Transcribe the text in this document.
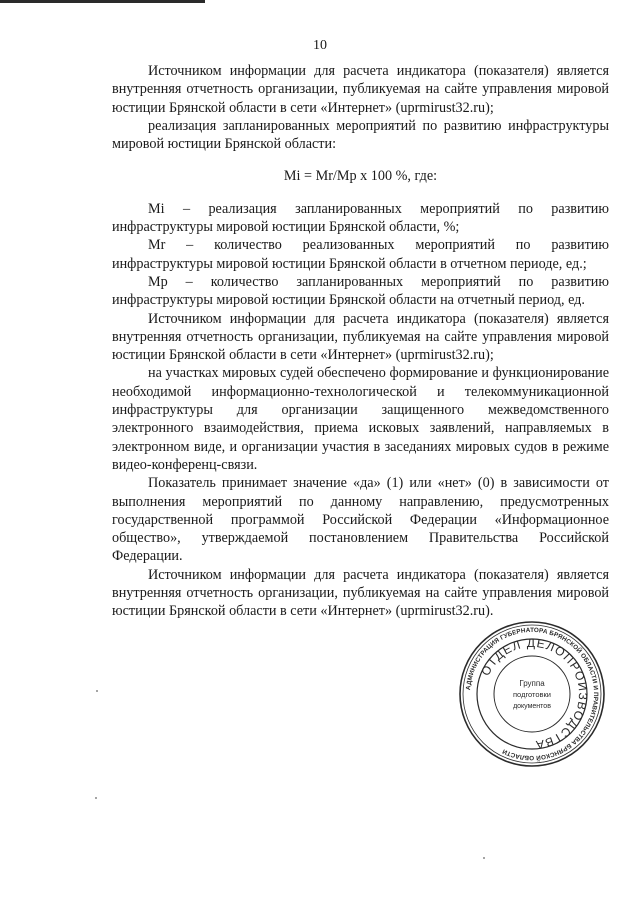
10

Источником информации для расчета индикатора (показателя) является внутренняя отчетность организации, публикуемая на сайте управления мировой юстиции Брянской области в сети «Интернет» (uprmirust32.ru);

реализация запланированных мероприятий по развитию инфраструктуры мировой юстиции Брянской области:

Mi = Mr/Mp x 100 %, где:

Mi – реализация запланированных мероприятий по развитию инфраструктуры мировой юстиции Брянской области, %;

Mr – количество реализованных мероприятий по развитию инфраструктуры мировой юстиции Брянской области в отчетном периоде, ед.;

Mp – количество запланированных мероприятий по развитию инфраструктуры мировой юстиции Брянской области на отчетный период, ед.

Источником информации для расчета индикатора (показателя) является внутренняя отчетность организации, публикуемая на сайте управления мировой юстиции Брянской области в сети «Интернет» (uprmirust32.ru);

на участках мировых судей обеспечено формирование и функционирование необходимой информационно-технологической и телекоммуникационной инфраструктуры для организации защищенного межведомственного электронного взаимодействия, приема исковых заявлений, направляемых в электронном виде, и организации участия в заседаниях мировых судов в режиме видео-конференц-связи.

Показатель принимает значение «да» (1) или «нет» (0) в зависимости от выполнения мероприятий по данному направлению, предусмотренных государственной программой Российской Федерации «Информационное общество», утверждаемой постановлением Правительства Российской Федерации.

Источником информации для расчета индикатора (показателя) является внутренняя отчетность организации, публикуемая на сайте управления мировой юстиции Брянской области в сети «Интернет» (uprmirust32.ru).

АДМИНИСТРАЦИЯ ГУБЕРНАТОРА БРЯНСКОЙ ОБЛАСТИ И ПРАВИТЕЛЬСТВА БРЯНСКОЙ ОБЛАСТИ
ОТДЕЛ ДЕЛОПРОИЗВОДСТВА
Группа
подготовки
документов
